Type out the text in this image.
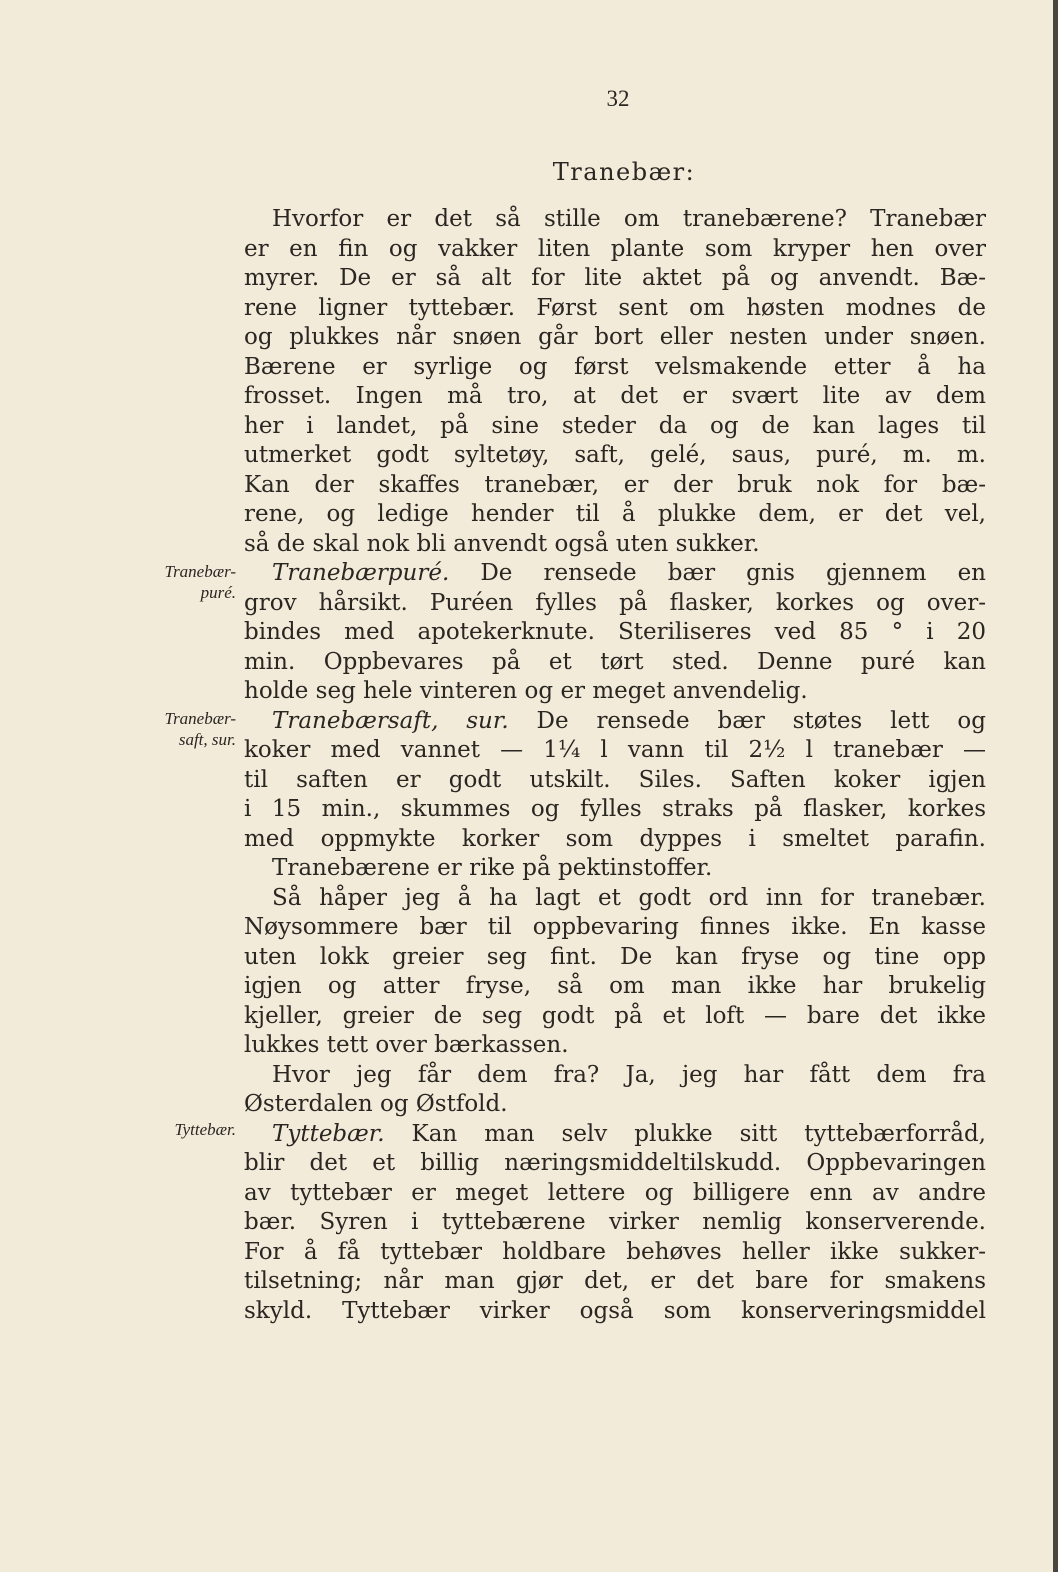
32
Tranebær:
Tranebær-
puré.
Tranebær-
saft, sur.
Tyttebær.
Hvorfor er det så stille om tranebærene? Tranebær
er en fin og vakker liten plante som kryper hen over
myrer. De er så alt for lite aktet på og anvendt. Bæ-
rene ligner tyttebær. Først sent om høsten modnes de
og plukkes når snøen går bort eller nesten under snøen.
Bærene er syrlige og først velsmakende etter å ha
frosset. Ingen må tro, at det er svært lite av dem
her i landet, på sine steder da og de kan lages til
utmerket godt syltetøy, saft, gelé, saus, puré, m. m.
Kan der skaffes tranebær, er der bruk nok for bæ-
rene, og ledige hender til å plukke dem, er det vel,
så de skal nok bli anvendt også uten sukker.
Tranebærpuré. De rensede bær gnis gjennem en
grov hårsikt. Puréen fylles på flasker, korkes og over-
bindes med apotekerknute. Steriliseres ved 85 ° i 20
min. Oppbevares på et tørt sted. Denne puré kan
holde seg hele vinteren og er meget anvendelig.
Tranebærsaft, sur. De rensede bær støtes lett og
koker med vannet — 1¼ l vann til 2½ l tranebær —
til saften er godt utskilt. Siles. Saften koker igjen
i 15 min., skummes og fylles straks på flasker, korkes
med oppmykte korker som dyppes i smeltet parafin.
Tranebærene er rike på pektinstoffer.
Så håper jeg å ha lagt et godt ord inn for tranebær.
Nøysommere bær til oppbevaring finnes ikke. En kasse
uten lokk greier seg fint. De kan fryse og tine opp
igjen og atter fryse, så om man ikke har brukelig
kjeller, greier de seg godt på et loft — bare det ikke
lukkes tett over bærkassen.
Hvor jeg får dem fra? Ja, jeg har fått dem fra
Østerdalen og Østfold.
Tyttebær. Kan man selv plukke sitt tyttebærforråd,
blir det et billig næringsmiddeltilskudd. Oppbevaringen
av tyttebær er meget lettere og billigere enn av andre
bær. Syren i tyttebærene virker nemlig konserverende.
For å få tyttebær holdbare behøves heller ikke sukker-
tilsetning; når man gjør det, er det bare for smakens
skyld. Tyttebær virker også som konserveringsmiddel
